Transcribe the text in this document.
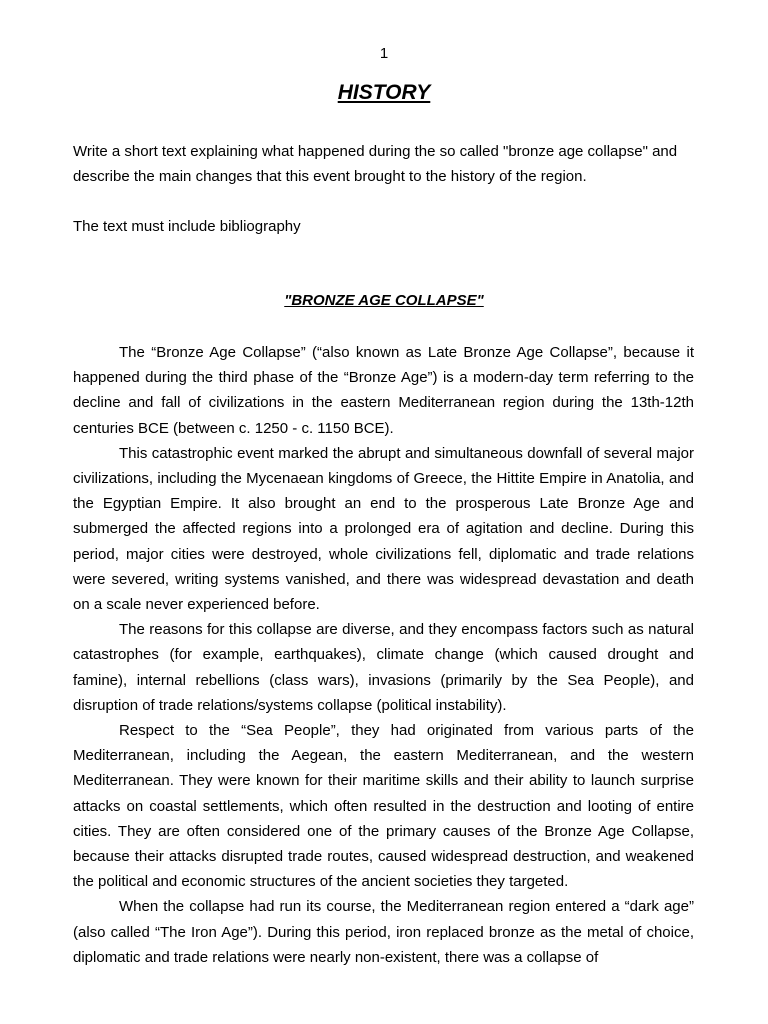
1
HISTORY

Write a short text explaining what happened during the so called "bronze age collapse" and describe the main changes that this event brought to the history of the region.

The text must include bibliography

"BRONZE AGE COLLAPSE"

The “Bronze Age Collapse” (“also known as Late Bronze Age Collapse”, because it happened during the third phase of the “Bronze Age”) is a modern-day term referring to the decline and fall of civilizations in the eastern Mediterranean region during the 13th-12th centuries BCE (between c. 1250 - c. 1150 BCE).

This catastrophic event marked the abrupt and simultaneous downfall of several major civilizations, including the Mycenaean kingdoms of Greece, the Hittite Empire in Anatolia, and the Egyptian Empire. It also brought an end to the prosperous Late Bronze Age and submerged the affected regions into a prolonged era of agitation and decline. During this period, major cities were destroyed, whole civilizations fell, diplomatic and trade relations were severed, writing systems vanished, and there was widespread devastation and death on a scale never experienced before.

The reasons for this collapse are diverse, and they encompass factors such as natural catastrophes (for example, earthquakes), climate change (which caused drought and famine), internal rebellions (class wars), invasions (primarily by the Sea People), and disruption of trade relations/systems collapse (political instability).

Respect to the “Sea People”, they had originated from various parts of the Mediterranean, including the Aegean, the eastern Mediterranean, and the western Mediterranean. They were known for their maritime skills and their ability to launch surprise attacks on coastal settlements, which often resulted in the destruction and looting of entire cities. They are often considered one of the primary causes of the Bronze Age Collapse, because their attacks disrupted trade routes, caused widespread destruction, and weakened the political and economic structures of the ancient societies they targeted.

When the collapse had run its course, the Mediterranean region entered a “dark age” (also called “The Iron Age”). During this period, iron replaced bronze as the metal of choice, diplomatic and trade relations were nearly non-existent, there was a collapse of
